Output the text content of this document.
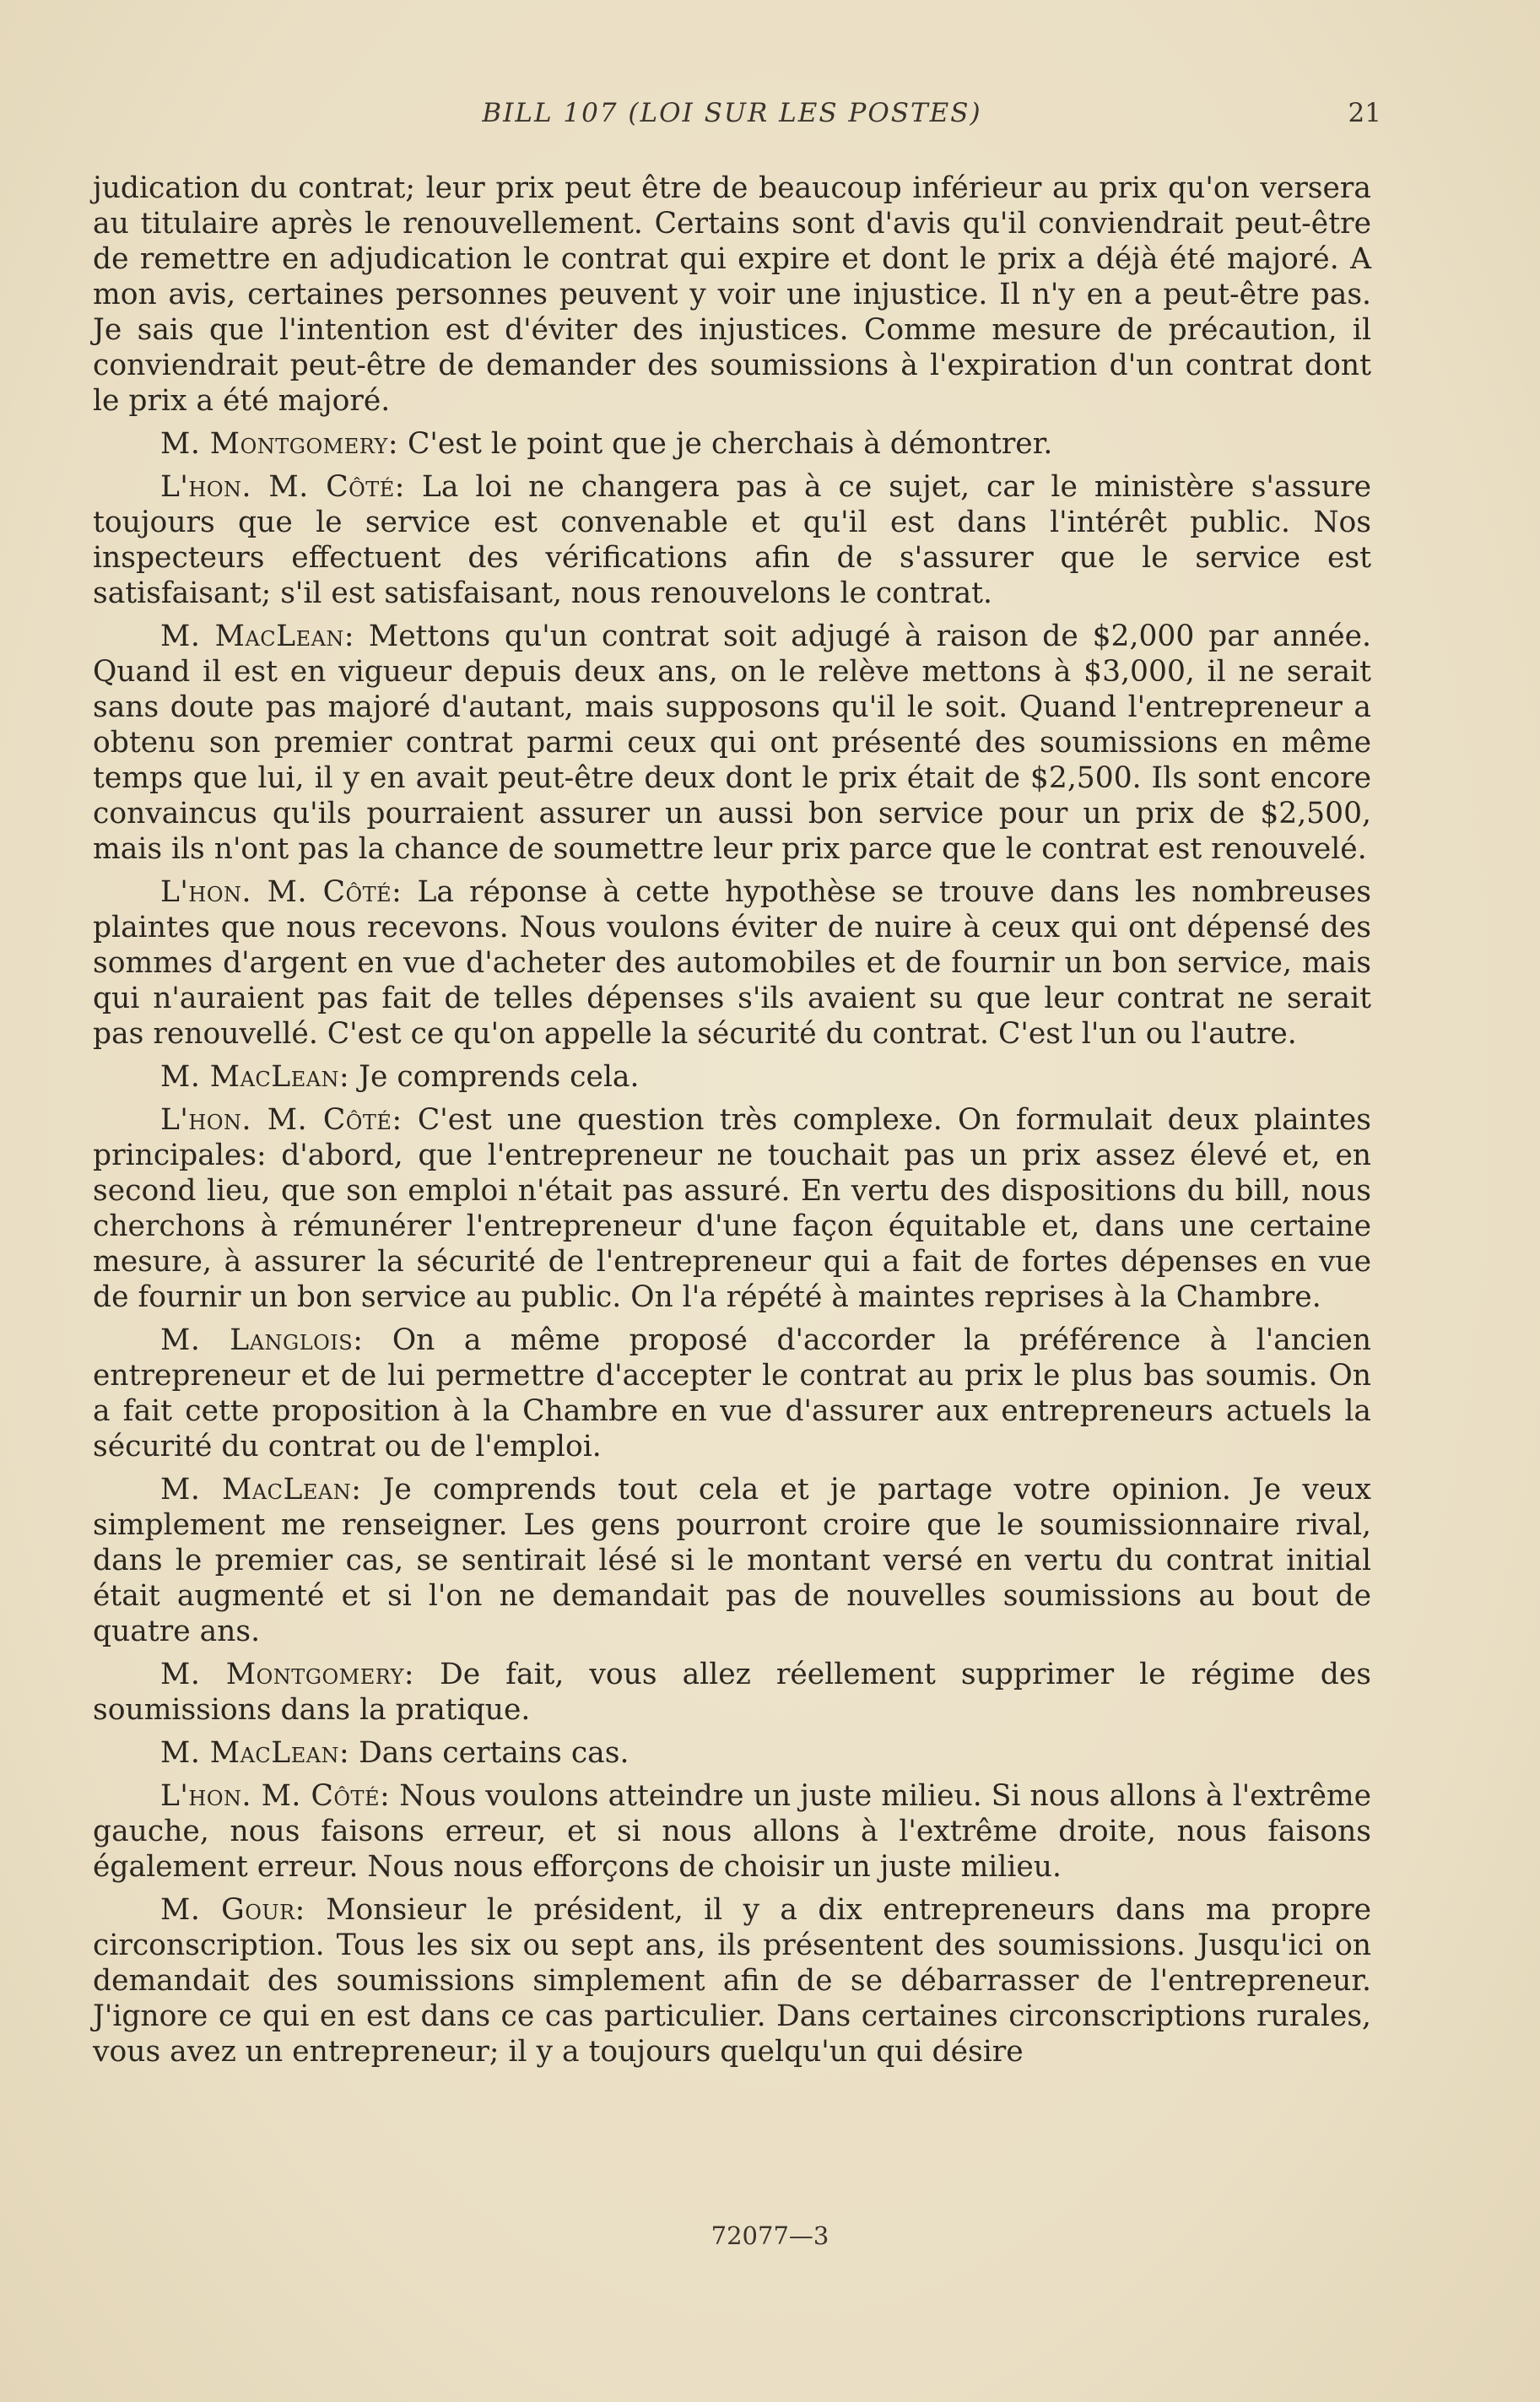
BILL 107 (LOI SUR LES POSTES)	21

judication du contrat; leur prix peut être de beaucoup inférieur au prix qu'on versera au titulaire après le renouvellement. Certains sont d'avis qu'il conviendrait peut-être de remettre en adjudication le contrat qui expire et dont le prix a déjà été majoré. A mon avis, certaines personnes peuvent y voir une injustice. Il n'y en a peut-être pas. Je sais que l'intention est d'éviter des injustices. Comme mesure de précaution, il conviendrait peut-être de demander des soumissions à l'expiration d'un contrat dont le prix a été majoré.

M. Montgomery: C'est le point que je cherchais à démontrer.

L'hon. M. Côté: La loi ne changera pas à ce sujet, car le ministère s'assure toujours que le service est convenable et qu'il est dans l'intérêt public. Nos inspecteurs effectuent des vérifications afin de s'assurer que le service est satisfaisant; s'il est satisfaisant, nous renouvelons le contrat.

M. MacLean: Mettons qu'un contrat soit adjugé à raison de $2,000 par année. Quand il est en vigueur depuis deux ans, on le relève mettons à $3,000, il ne serait sans doute pas majoré d'autant, mais supposons qu'il le soit. Quand l'entrepreneur a obtenu son premier contrat parmi ceux qui ont présenté des soumissions en même temps que lui, il y en avait peut-être deux dont le prix était de $2,500. Ils sont encore convaincus qu'ils pourraient assurer un aussi bon service pour un prix de $2,500, mais ils n'ont pas la chance de soumettre leur prix parce que le contrat est renouvelé.

L'hon. M. Côté: La réponse à cette hypothèse se trouve dans les nombreuses plaintes que nous recevons. Nous voulons éviter de nuire à ceux qui ont dépensé des sommes d'argent en vue d'acheter des automobiles et de fournir un bon service, mais qui n'auraient pas fait de telles dépenses s'ils avaient su que leur contrat ne serait pas renouvellé. C'est ce qu'on appelle la sécurité du contrat. C'est l'un ou l'autre.

M. MacLean: Je comprends cela.

L'hon. M. Côté: C'est une question très complexe. On formulait deux plaintes principales: d'abord, que l'entrepreneur ne touchait pas un prix assez élevé et, en second lieu, que son emploi n'était pas assuré. En vertu des dispositions du bill, nous cherchons à rémunérer l'entrepreneur d'une façon équitable et, dans une certaine mesure, à assurer la sécurité de l'entrepreneur qui a fait de fortes dépenses en vue de fournir un bon service au public. On l'a répété à maintes reprises à la Chambre.

M. Langlois: On a même proposé d'accorder la préférence à l'ancien entrepreneur et de lui permettre d'accepter le contrat au prix le plus bas soumis. On a fait cette proposition à la Chambre en vue d'assurer aux entrepreneurs actuels la sécurité du contrat ou de l'emploi.

M. MacLean: Je comprends tout cela et je partage votre opinion. Je veux simplement me renseigner. Les gens pourront croire que le soumissionnaire rival, dans le premier cas, se sentirait lésé si le montant versé en vertu du contrat initial était augmenté et si l'on ne demandait pas de nouvelles soumissions au bout de quatre ans.

M. Montgomery: De fait, vous allez réellement supprimer le régime des soumissions dans la pratique.

M. MacLean: Dans certains cas.

L'hon. M. Côté: Nous voulons atteindre un juste milieu. Si nous allons à l'extrême gauche, nous faisons erreur, et si nous allons à l'extrême droite, nous faisons également erreur. Nous nous efforçons de choisir un juste milieu.

M. Gour: Monsieur le président, il y a dix entrepreneurs dans ma propre circonscription. Tous les six ou sept ans, ils présentent des soumissions. Jusqu'ici on demandait des soumissions simplement afin de se débarrasser de l'entrepreneur. J'ignore ce qui en est dans ce cas particulier. Dans certaines circonscriptions rurales, vous avez un entrepreneur; il y a toujours quelqu'un qui désire

72077—3
